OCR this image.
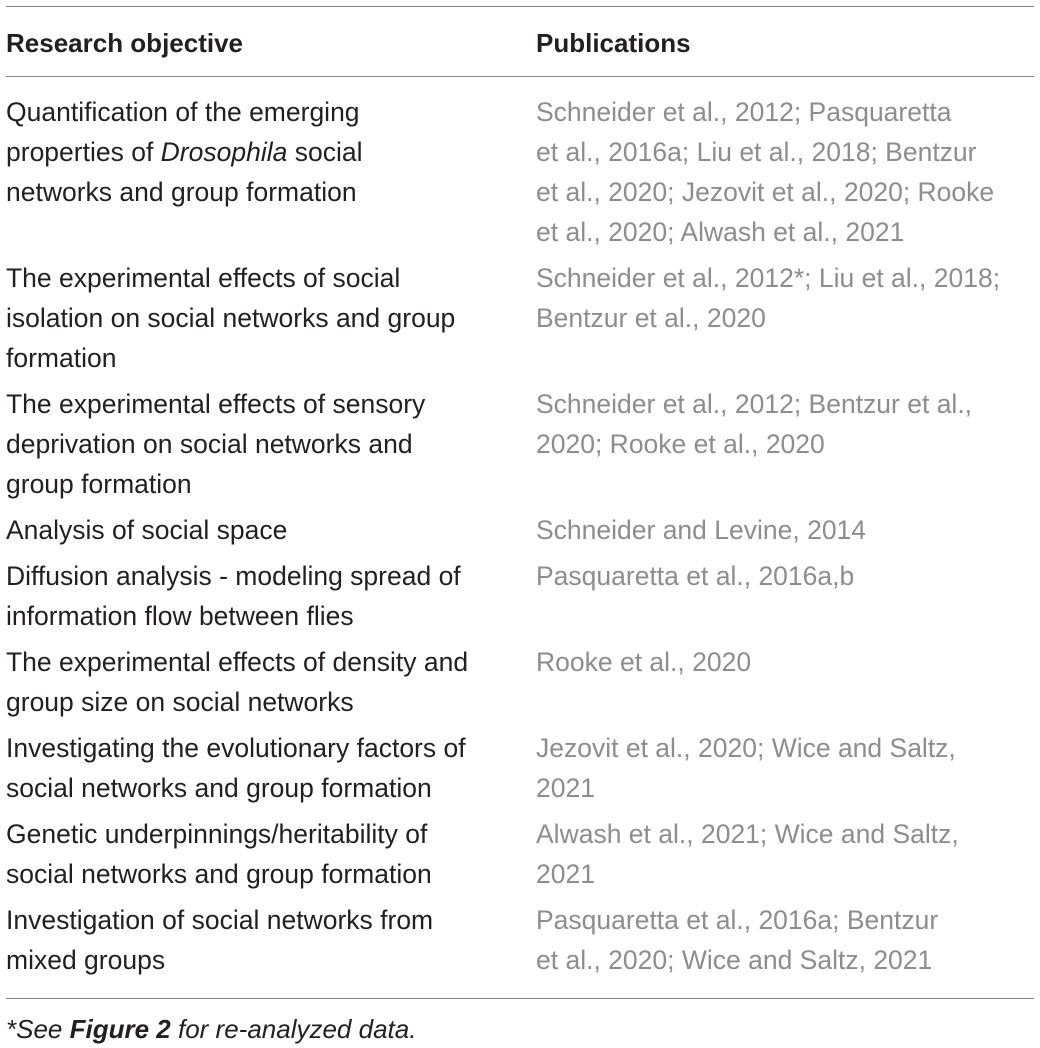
Research objective	Publications
Quantification of the emerging
properties of Drosophila social
networks and group formation
Schneider et al., 2012; Pasquaretta
et al., 2016a; Liu et al., 2018; Bentzur
et al., 2020; Jezovit et al., 2020; Rooke
et al., 2020; Alwash et al., 2021
The experimental effects of social
isolation on social networks and group
formation
Schneider et al., 2012*; Liu et al., 2018;
Bentzur et al., 2020
The experimental effects of sensory
deprivation on social networks and
group formation
Schneider et al., 2012; Bentzur et al.,
2020; Rooke et al., 2020
Analysis of social space	Schneider and Levine, 2014
Diffusion analysis - modeling spread of
information flow between flies
Pasquaretta et al., 2016a,b
The experimental effects of density and
group size on social networks
Rooke et al., 2020
Investigating the evolutionary factors of
social networks and group formation
Jezovit et al., 2020; Wice and Saltz,
2021
Genetic underpinnings/heritability of
social networks and group formation
Alwash et al., 2021; Wice and Saltz,
2021
Investigation of social networks from
mixed groups
Pasquaretta et al., 2016a; Bentzur
et al., 2020; Wice and Saltz, 2021
*See Figure 2 for re-analyzed data.
